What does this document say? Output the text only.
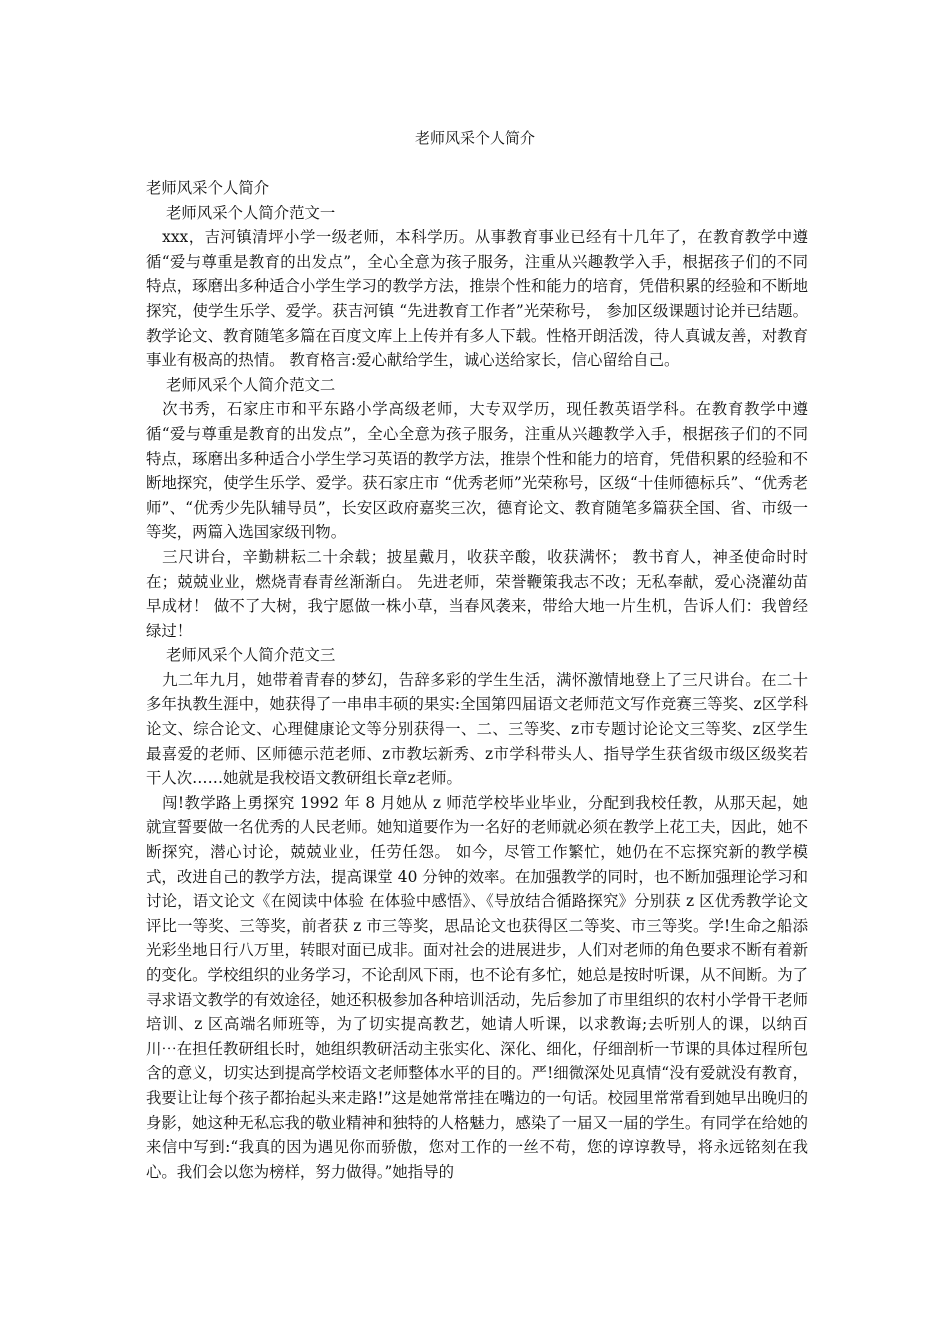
老师风采个人简介

老师风采个人简介

老师风采个人简介范文一

xxx，吉河镇清坪小学一级老师，本科学历。从事教育事业已经有十几年了，在教育教学中遵循“爱与尊重是教育的出发点”，全心全意为孩子服务，注重从兴趣教学入手，根据孩子们的不同特点，琢磨出多种适合小学生学习的教学方法，推崇个性和能力的培育，凭借积累的经验和不断地探究，使学生乐学、爱学。获吉河镇 “先进教育工作者”光荣称号， 参加区级课题讨论并已结题。教学论文、教育随笔多篇在百度文库上上传并有多人下载。性格开朗活泼，待人真诚友善，对教育事业有极高的热情。 教育格言:爱心献给学生，诚心送给家长，信心留给自己。

老师风采个人简介范文二

次书秀，石家庄市和平东路小学高级老师，大专双学历，现任教英语学科。在教育教学中遵循“爱与尊重是教育的出发点”，全心全意为孩子服务，注重从兴趣教学入手，根据孩子们的不同特点，琢磨出多种适合小学生学习英语的教学方法，推崇个性和能力的培育，凭借积累的经验和不断地探究，使学生乐学、爱学。获石家庄市 “优秀老师”光荣称号，区级“十佳师德标兵”、“优秀老师”、“优秀少先队辅导员”，长安区政府嘉奖三次，德育论文、教育随笔多篇获全国、省、市级一等奖，两篇入选国家级刊物。

三尺讲台，辛勤耕耘二十余载；披星戴月，收获辛酸，收获满怀； 教书育人，神圣使命时时在；兢兢业业，燃烧青春青丝渐渐白。 先进老师，荣誉鞭策我志不改；无私奉献，爱心浇灌幼苗早成材！ 做不了大树，我宁愿做一株小草，当春风袭来，带给大地一片生机，告诉人们：我曾经绿过！

老师风采个人简介范文三

九二年九月，她带着青春的梦幻，告辞多彩的学生生活，满怀激情地登上了三尺讲台。在二十多年执教生涯中，她获得了一串串丰硕的果实:全国第四届语文老师范文写作竞赛三等奖、z区学科论文、综合论文、心理健康论文等分别获得一、二、三等奖、z市专题讨论论文三等奖、z区学生最喜爱的老师、区师德示范老师、z市教坛新秀、z市学科带头人、指导学生获省级市级区级奖若干人次……她就是我校语文教研组长章z老师。

闯!教学路上勇探究 1992 年 8 月她从 z 师范学校毕业毕业，分配到我校任教，从那天起，她就宣誓要做一名优秀的人民老师。她知道要作为一名好的老师就必须在教学上花工夫，因此，她不断探究，潜心讨论，兢兢业业，任劳任怨。 如今，尽管工作繁忙，她仍在不忘探究新的教学模式，改进自己的教学方法，提高课堂 40 分钟的效率。在加强教学的同时，也不断加强理论学习和讨论，语文论文《在阅读中体验 在体验中感悟》、《导放结合循路探究》分别获 z 区优秀教学论文评比一等奖、三等奖，前者获 z 市三等奖，思品论文也获得区二等奖、市三等奖。学!生命之船添光彩坐地日行八万里，转眼对面已成非。面对社会的进展进步，人们对老师的角色要求不断有着新的变化。学校组织的业务学习，不论刮风下雨，也不论有多忙，她总是按时听课，从不间断。为了寻求语文教学的有效途径，她还积极参加各种培训活动，先后参加了市里组织的农村小学骨干老师培训、z 区高端名师班等，为了切实提高教艺，她请人听课，以求教诲;去听别人的课，以纳百川⋯在担任教研组长时，她组织教研活动主张实化、深化、细化，仔细剖析一节课的具体过程所包含的意义，切实达到提高学校语文老师整体水平的目的。严!细微深处见真情“没有爱就没有教育，我要让让每个孩子都抬起头来走路!”这是她常常挂在嘴边的一句话。校园里常常看到她早出晚归的身影，她这种无私忘我的敬业精神和独特的人格魅力，感染了一届又一届的学生。有同学在给她的来信中写到:“我真的因为遇见你而骄傲，您对工作的一丝不苟，您的谆谆教导，将永远铭刻在我心。我们会以您为榜样，努力做得。”她指导的
